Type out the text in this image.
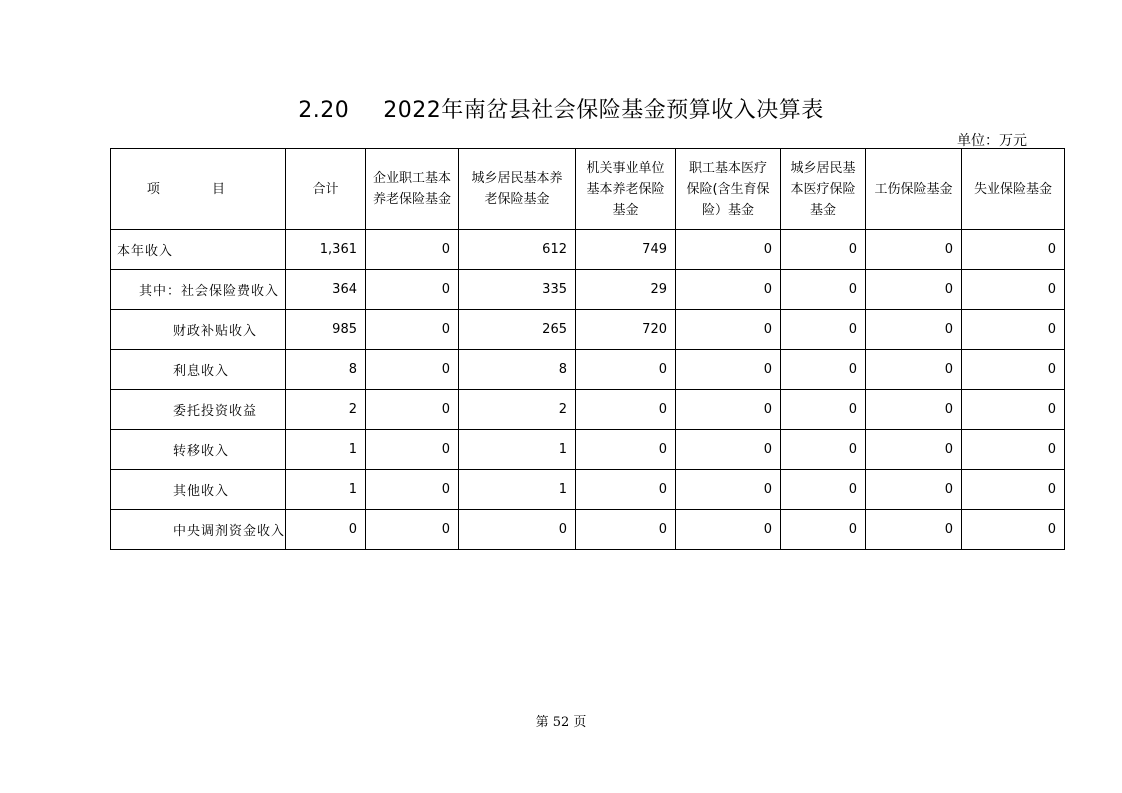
2.20 2022年南岔县社会保险基金预算收入决算表
单位：万元
项 目	合计	企业职工基本养老保险基金	城乡居民基本养老保险基金	机关事业单位基本养老保险基金	职工基本医疗保险(含生育保险）基金	城乡居民基本医疗保险基金	工伤保险基金	失业保险基金
本年收入	1,361	0	612	749	0	0	0	0
其中：社会保险费收入	364	0	335	29	0	0	0	0
财政补贴收入	985	0	265	720	0	0	0	0
利息收入	8	0	8	0	0	0	0	0
委托投资收益	2	0	2	0	0	0	0	0
转移收入	1	0	1	0	0	0	0	0
其他收入	1	0	1	0	0	0	0	0
中央调剂资金收入	0	0	0	0	0	0	0	0
第 52 页
